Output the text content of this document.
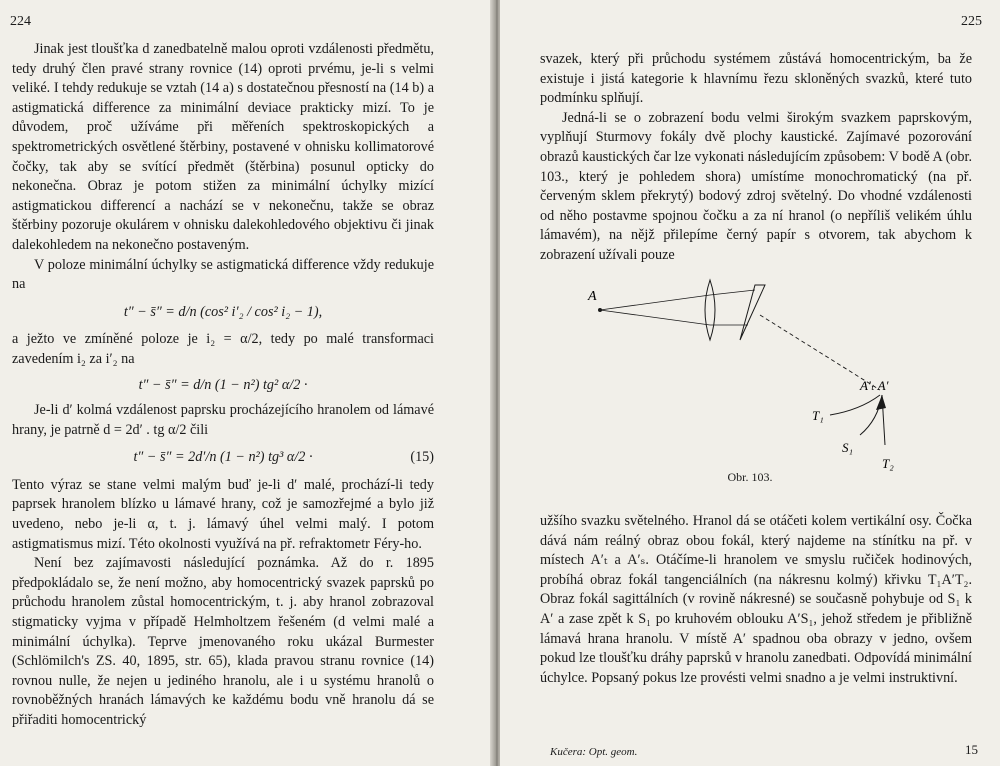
224

Jinak jest tloušťka d zanedbatelně malou oproti vzdálenosti předmětu, tedy druhý člen pravé strany rovnice (14) oproti prvému, je-li s velmi veliké. I tehdy redukuje se vztah (14 a) s dostatečnou přesností na (14 b) a astigmatická difference za minimální deviace prakticky mizí. To je důvodem, proč užíváme při měřeních spektroskopických a spektrometrických osvětlené štěrbiny, postavené v ohnisku kollimatorové čočky, tak aby se svítící předmět (štěrbina) posunul opticky do nekonečna. Obraz je potom stižen za minimální úchylky mizící astigmatickou differencí a nachází se v nekonečnu, takže se obraz štěrbiny pozoruje okulárem v ohnisku dalekohledového objektivu či jinak dalekohledem na nekonečno postaveným.

V poloze minimální úchylky se astigmatická difference vždy redukuje na

t″ − s̄″ = d/n (cos² i′₂ / cos² i₂ − 1),

a ježto ve zmíněné poloze je i₂ = α/2, tedy po malé transformaci zavedením i₂ za i′₂ na

t″ − s̄″ = d/n (1 − n²) tg² α/2 ·

Je-li d′ kolmá vzdálenost paprsku procházejícího hranolem od lámavé hrany, je patrně d = 2d′ . tg α/2 čili

t″ − s̄″ = 2d′/n (1 − n²) tg³ α/2 ·	(15)

Tento výraz se stane velmi malým buď je-li d′ malé, prochází-li tedy paprsek hranolem blízko u lámavé hrany, což je samozřejmé a bylo již uvedeno, nebo je-li α, t. j. lámavý úhel velmi malý. I potom astigmatismus mizí. Této okolnosti využívá na př. refraktometr Féry-ho.

Není bez zajímavosti následující poznámka. Až do r. 1895 předpokládalo se, že není možno, aby homocentrický svazek paprsků po průchodu hranolem zůstal homocentrickým, t. j. aby hranol zobrazoval stigmaticky vyjma v případě Helmholtzem řešeném (d velmi malé a minimální úchylka). Teprve jmenovaného roku ukázal Burmester (Schlömilch's ZS. 40, 1895, str. 65), klada pravou stranu rovnice (14) rovnou nulle, že nejen u jediného hranolu, ale i u systému hranolů o rovnoběžných hranách lámavých ke každému bodu vně hranolu dá se přiřaditi homocentrický

225

svazek, který při průchodu systémem zůstává homocentrickým, ba že existuje i jistá kategorie k hlavnímu řezu skloněných svazků, které tuto podmínku splňují.

Jedná-li se o zobrazení bodu velmi širokým svazkem paprskovým, vyplňují Sturmovy fokály dvě plochy kaustické. Zajímavé pozorování obrazů kaustických čar lze vykonati následujícím způsobem: V bodě A (obr. 103., který je pohledem shora) umístíme monochromatický (na př. červeným sklem překrytý) bodový zdroj světelný. Do vhodné vzdálenosti od něho postavme spojnou čočku a za ní hranol (o nepříliš velikém úhlu lámavém), na nějž přilepíme černý papír s otvorem, tak abychom k zobrazení užívali pouze

A
A′ₜ A′
T₁
S₁
T₂
Obr. 103.

užšího svazku světelného. Hranol dá se otáčeti kolem vertikální osy. Čočka dává nám reálný obraz obou fokál, který najdeme na stínítku na př. v místech A′ₜ a A′ₛ. Otáčíme-li hranolem ve smyslu ručiček hodinových, probíhá obraz fokál tangenciálních (na nákresnu kolmý) křivku T₁A′T₂. Obraz fokál sagittálních (v rovině nákresné) se současně pohybuje od S₁ k A′ a zase zpět k S₁ po kruhovém oblouku A′S₁, jehož středem je přibližně lámavá hrana hranolu. V místě A′ spadnou oba obrazy v jedno, ovšem pokud lze tloušťku dráhy paprsků v hranolu zanedbati. Odpovídá minimální úchylce. Popsaný pokus lze provésti velmi snadno a je velmi instruktivní.

Kučera: Opt. geom.	15
